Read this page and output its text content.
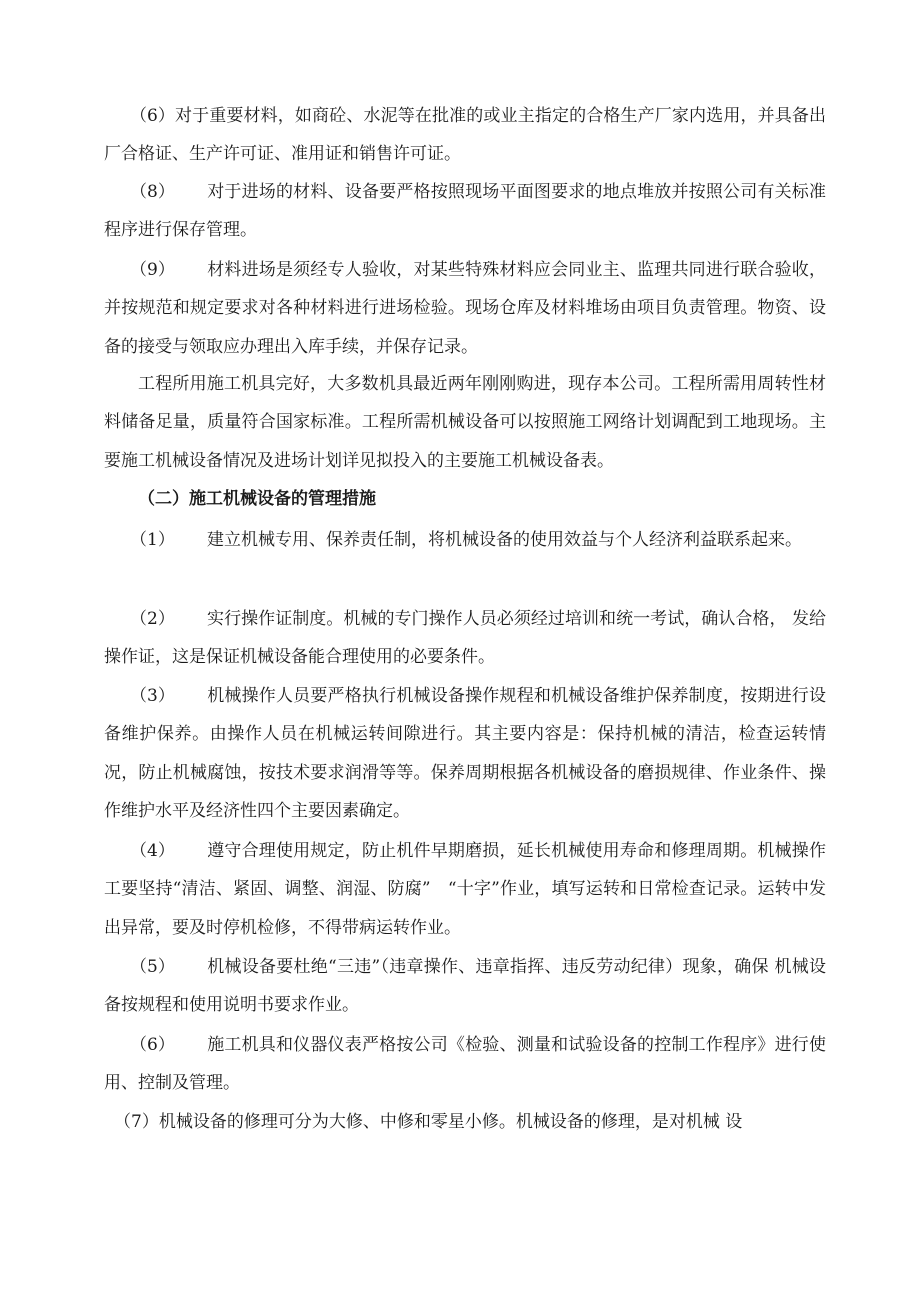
（6）对于重要材料，如商砼、水泥等在批准的或业主指定的合格生产厂家内选用，并具备出厂合格证、生产许可证、准用证和销售许可证。

（8） 对于进场的材料、设备要严格按照现场平面图要求的地点堆放并按照公司有关标准程序进行保存管理。

（9） 材料进场是须经专人验收，对某些特殊材料应会同业主、监理共同进行联合验收，并按规范和规定要求对各种材料进行进场检验。现场仓库及材料堆场由项目负责管理。物资、设备的接受与领取应办理出入库手续，并保存记录。

工程所用施工机具完好，大多数机具最近两年刚刚购进，现存本公司。工程所需用周转性材料储备足量，质量符合国家标准。工程所需机械设备可以按照施工网络计划调配到工地现场。主要施工机械设备情况及进场计划详见拟投入的主要施工机械设备表。

（二）施工机械设备的管理措施

（1） 建立机械专用、保养责任制，将机械设备的使用效益与个人经济利益联系起来。

（2） 实行操作证制度。机械的专门操作人员必须经过培训和统一考试，确认合格， 发给操作证，这是保证机械设备能合理使用的必要条件。

（3） 机械操作人员要严格执行机械设备操作规程和机械设备维护保养制度，按期进行设备维护保养。由操作人员在机械运转间隙进行。其主要内容是：保持机械的清洁，检查运转情况，防止机械腐蚀，按技术要求润滑等等。保养周期根据各机械设备的磨损规律、作业条件、操作维护水平及经济性四个主要因素确定。

（4） 遵守合理使用规定，防止机件早期磨损，延长机械使用寿命和修理周期。机械操作工要坚持“清洁、紧固、调整、润湿、防腐”　“十字”作业，填写运转和日常检查记录。运转中发出异常，要及时停机检修，不得带病运转作业。

（5） 机械设备要杜绝“三违”（违章操作、违章指挥、违反劳动纪律）现象，确保 机械设备按规程和使用说明书要求作业。

（6） 施工机具和仪器仪表严格按公司《检验、测量和试验设备的控制工作程序》进行使用、控制及管理。

（7）机械设备的修理可分为大修、中修和零星小修。机械设备的修理，是对机械 设
